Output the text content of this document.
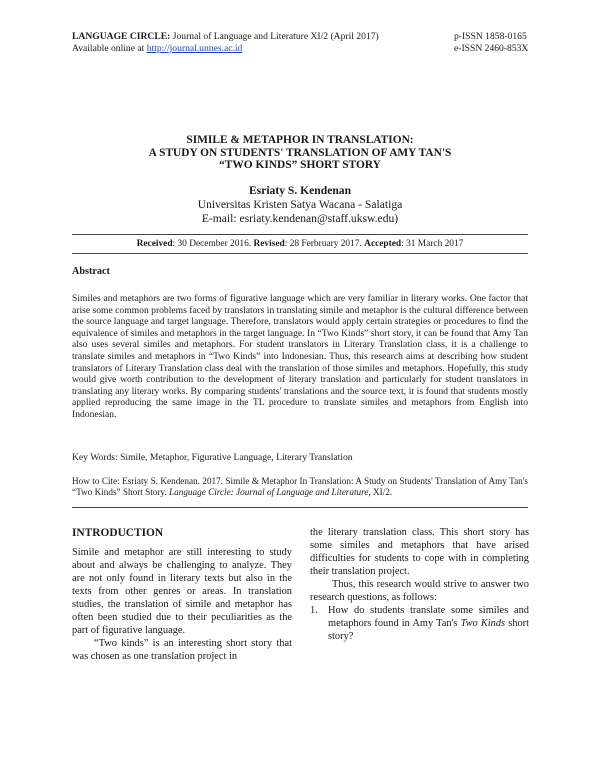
LANGUAGE CIRCLE: Journal of Language and Literature XI/2 (April 2017)	p-ISSN 1858-0165
Available online at http://journal.unnes.ac.id	e-ISSN 2460-853X
SIMILE & METAPHOR IN TRANSLATION:
A STUDY ON STUDENTS' TRANSLATION OF AMY TAN'S
“TWO KINDS” SHORT STORY
Esriaty S. Kendenan
Universitas Kristen Satya Wacana - Salatiga
E-mail: esriaty.kendenan@staff.uksw.edu)
Received: 30 December 2016. Revised: 28 Ferbruary 2017. Accepted: 31 March 2017
Abstract
Similes and metaphors are two forms of figurative language which are very familiar in literary works. One factor that arise some common problems faced by translators in translating simile and metaphor is the cultural difference between the source language and target language. Therefore, translators would apply certain strategies or procedures to find the equivalence of similes and metaphors in the target language. In “Two Kinds” short story, it can be found that Amy Tan also uses several similes and metaphors. For student translators in Literary Translation class, it is a challenge to translate similes and metaphors in “Two Kinds” into Indonesian. Thus, this research aims at describing how student translators of Literary Translation class deal with the translation of those similes and metaphors. Hopefully, this study would give worth contribution to the development of literary translation and particularly for student translators in translating any literary works. By comparing students' translations and the source text, it is found that students mostly applied reproducing the same image in the TL procedure to translate similes and metaphors from English into Indonesian.
Key Words: Simile, Metaphor, Figurative Language, Literary Translation
How to Cite: Esriaty S. Kendenan. 2017. Simile & Metaphor In Translation: A Study on Students' Translation of Amy Tan's “Two Kinds” Short Story. Language Circle: Journal of Language and Literature, XI/2.
INTRODUCTION

Simile and metaphor are still interesting to study about and always be challenging to analyze. They are not only found in literary texts but also in the texts from other genres or areas. In translation studies, the translation of simile and metaphor has often been studied due to their peculiarities as the part of figurative language.

“Two kinds” is an interesting short story that was chosen as one translation project in

the literary translation class. This short story has some similes and metaphors that have arised difficulties for students to cope with in completing their translation project.

Thus, this research would strive to answer two research questions, as follows:

1. How do students translate some similes and metaphors found in Amy Tan's Two Kinds short story?
